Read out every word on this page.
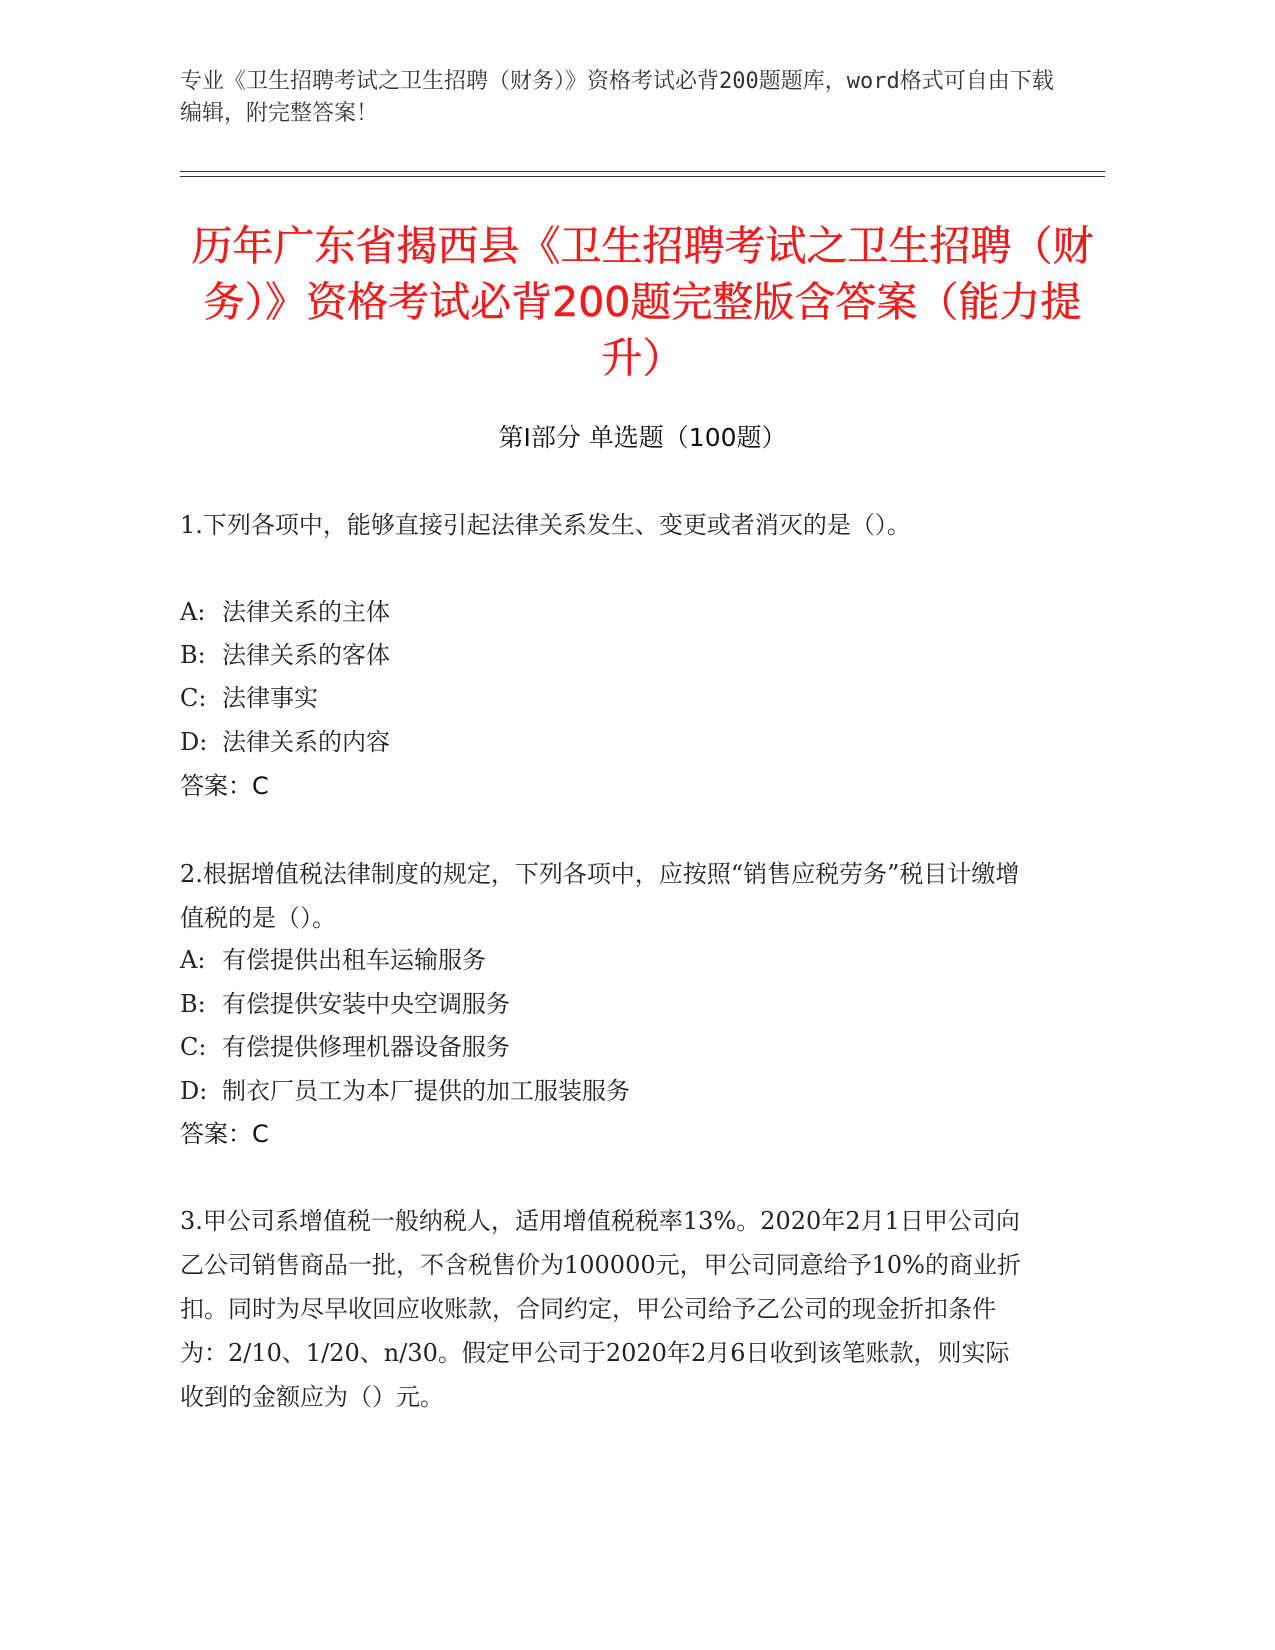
专业《卫生招聘考试之卫生招聘（财务）》资格考试必背200题题库，word格式可自由下载编辑，附完整答案！

历年广东省揭西县《卫生招聘考试之卫生招聘（财务）》资格考试必背200题完整版含答案（能力提升）
第I部分 单选题（100题）

1.下列各项中，能够直接引起法律关系发生、变更或者消灭的是（）。

A: 法律关系的主体

B: 法律关系的客体

C: 法律事实

D: 法律关系的内容

答案：C

2.根据增值税法律制度的规定，下列各项中，应按照“销售应税劳务”税目计缴增值税的是（）。

A: 有偿提供出租车运输服务

B: 有偿提供安装中央空调服务

C: 有偿提供修理机器设备服务

D: 制衣厂员工为本厂提供的加工服装服务

答案：C

3.甲公司系增值税一般纳税人，适用增值税税率13%。2020年2月1日甲公司向乙公司销售商品一批，不含税售价为100000元，甲公司同意给予10%的商业折扣。同时为尽早收回应收账款，合同约定，甲公司给予乙公司的现金折扣条件为：2/10、1/20、n/30。假定甲公司于2020年2月6日收到该笔账款，则实际收到的金额应为（）元。
